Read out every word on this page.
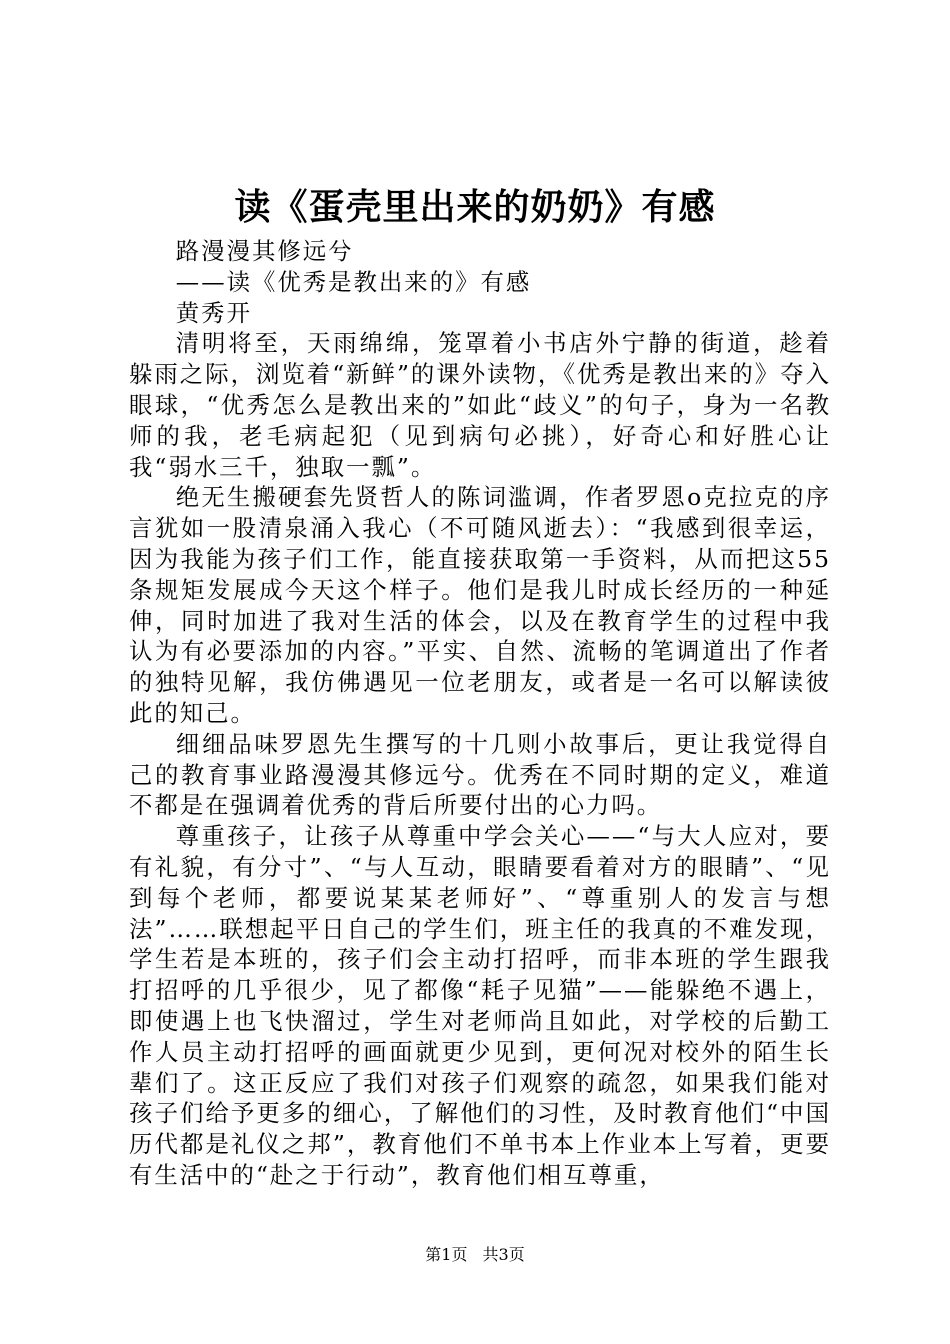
读《蛋壳里出来的奶奶》有感

路漫漫其修远兮

——读《优秀是教出来的》有感

黄秀开

清明将至，天雨绵绵，笼罩着小书店外宁静的街道，趁着躲雨之际，浏览着“新鲜”的课外读物，《优秀是教出来的》夺入眼球，“优秀怎么是教出来的”如此“歧义”的句子，身为一名教师的我，老毛病起犯（见到病句必挑），好奇心和好胜心让我“弱水三千，独取一瓢”。

绝无生搬硬套先贤哲人的陈词滥调，作者罗恩o克拉克的序言犹如一股清泉涌入我心（不可随风逝去）：“我感到很幸运，因为我能为孩子们工作，能直接获取第一手资料，从而把这55条规矩发展成今天这个样子。他们是我儿时成长经历的一种延伸，同时加进了我对生活的体会，以及在教育学生的过程中我认为有必要添加的内容。”平实、自然、流畅的笔调道出了作者的独特见解，我仿佛遇见一位老朋友，或者是一名可以解读彼此的知己。

细细品味罗恩先生撰写的十几则小故事后，更让我觉得自己的教育事业路漫漫其修远兮。优秀在不同时期的定义，难道不都是在强调着优秀的背后所要付出的心力吗。

尊重孩子，让孩子从尊重中学会关心——“与大人应对，要有礼貌，有分寸”、“与人互动，眼睛要看着对方的眼睛”、“见到每个老师，都要说某某老师好”、“尊重别人的发言与想法”……联想起平日自己的学生们，班主任的我真的不难发现，学生若是本班的，孩子们会主动打招呼，而非本班的学生跟我打招呼的几乎很少，见了都像“耗子见猫”——能躲绝不遇上，即使遇上也飞快溜过，学生对老师尚且如此，对学校的后勤工作人员主动打招呼的画面就更少见到，更何况对校外的陌生长辈们了。这正反应了我们对孩子们观察的疏忽，如果我们能对孩子们给予更多的细心，了解他们的习性，及时教育他们“中国历代都是礼仪之邦”，教育他们不单书本上作业本上写着，更要有生活中的“赴之于行动”，教育他们相互尊重，

第1页 共3页
